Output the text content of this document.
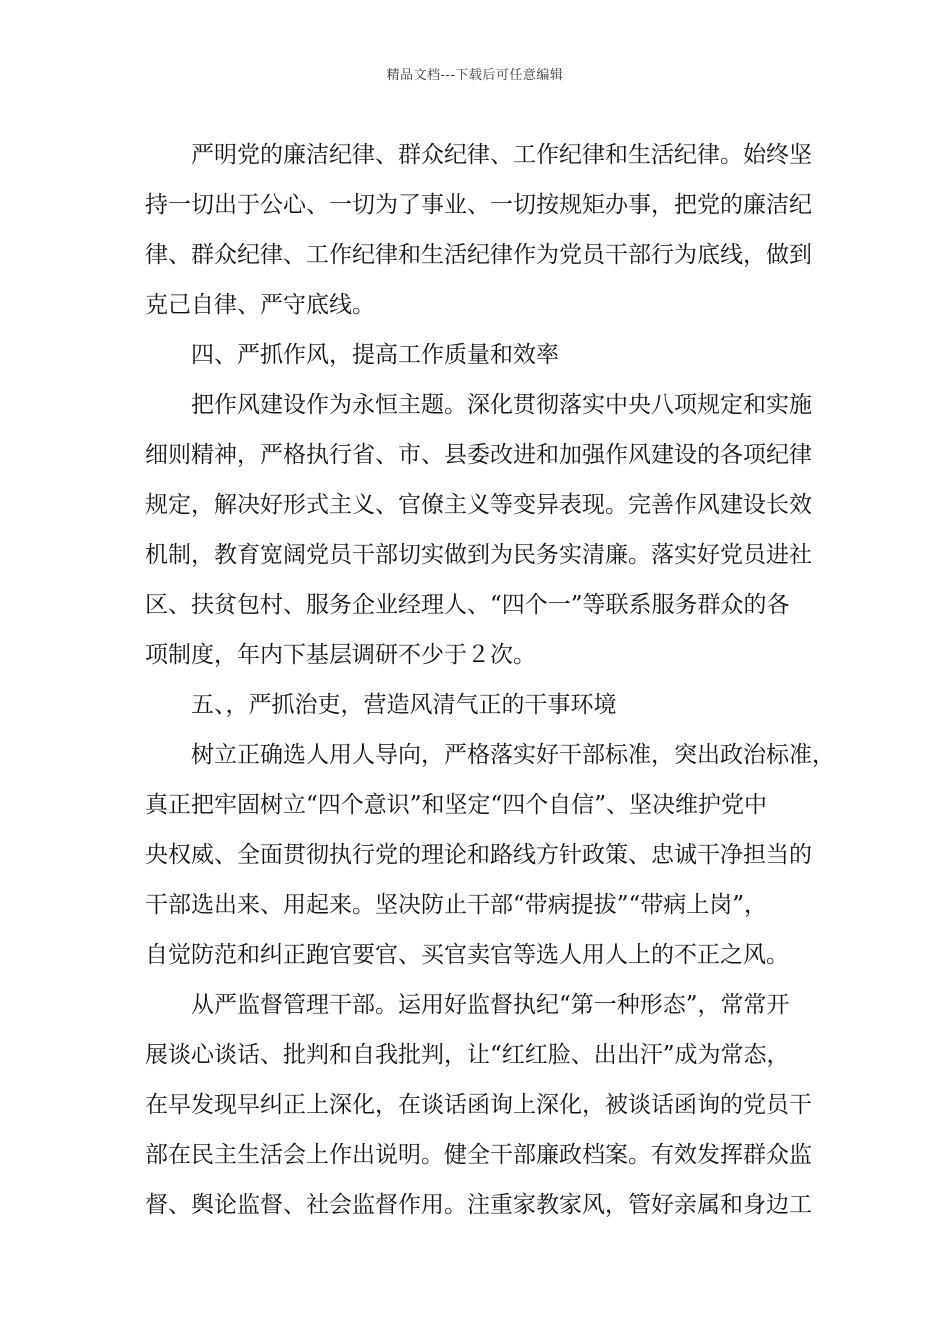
精品文档---下载后可任意编辑
严明党的廉洁纪律、群众纪律、工作纪律和生活纪律。始终坚
持一切出于公心、一切为了事业、一切按规矩办事，把党的廉洁纪
律、群众纪律、工作纪律和生活纪律作为党员干部行为底线，做到
克己自律、严守底线。
四、严抓作风，提高工作质量和效率
把作风建设作为永恒主题。深化贯彻落实中央八项规定和实施
细则精神，严格执行省、市、县委改进和加强作风建设的各项纪律
规定，解决好形式主义、官僚主义等变异表现。完善作风建设长效
机制，教育宽阔党员干部切实做到为民务实清廉。落实好党员进社
区、扶贫包村、服务企业经理人、“四个一”等联系服务群众的各
项制度，年内下基层调研不少于２次。
五、，严抓治吏，营造风清气正的干事环境
树立正确选人用人导向，严格落实好干部标准，突出政治标准，
真正把牢固树立“四个意识”和坚定“四个自信”、坚决维护党中
央权威、全面贯彻执行党的理论和路线方针政策、忠诚干净担当的
干部选出来、用起来。坚决防止干部“带病提拔”“带病上岗”，
自觉防范和纠正跑官要官、买官卖官等选人用人上的不正之风。
从严监督管理干部。运用好监督执纪“第一种形态”，常常开
展谈心谈话、批判和自我批判，让“红红脸、出出汗”成为常态，
在早发现早纠正上深化，在谈话函询上深化，被谈话函询的党员干
部在民主生活会上作出说明。健全干部廉政档案。有效发挥群众监
督、舆论监督、社会监督作用。注重家教家风，管好亲属和身边工
